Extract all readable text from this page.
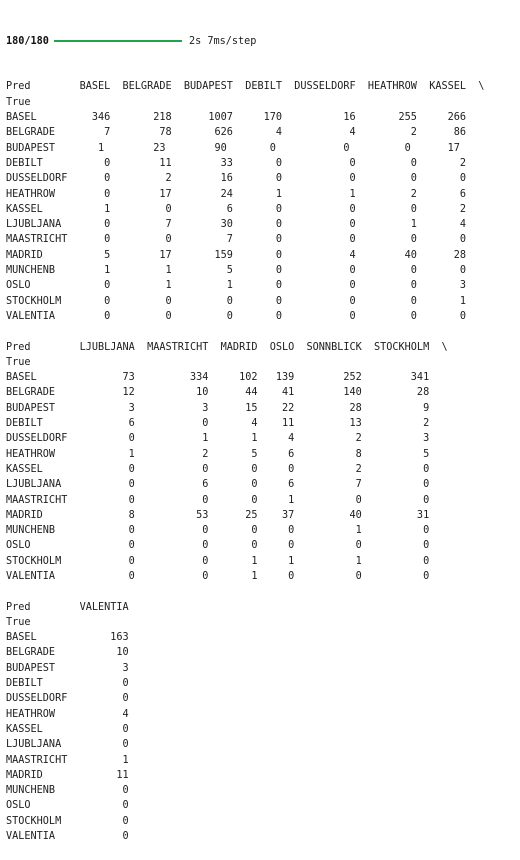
180/180	2s
7ms/step

Pred        BASEL  BELGRADE  BUDAPEST  DEBILT  DUSSELDORF  HEATHROW  KASSEL  \
True
BASEL         346       218      1007     170          16       255     266
BELGRADE        7        78       626       4           4         2      86
BUDAPEST       1        23        90       0           0         0      17
DEBILT          0        11        33       0           0         0       2
DUSSELDORF      0         2        16       0           0         0       0
HEATHROW        0        17        24       1           1         2       6
KASSEL          1         0         6       0           0         0       2
LJUBLJANA       0         7        30       0           0         1       4
MAASTRICHT      0         0         7       0           0         0       0
MADRID          5        17       159       0           4        40      28
MUNCHENB        1         1         5       0           0         0       0
OSLO            0         1         1       0           0         0       3
STOCKHOLM       0         0         0       0           0         0       1
VALENTIA        0         0         0       0           0         0       0
Pred        LJUBLJANA  MAASTRICHT  MADRID  OSLO  SONNBLICK  STOCKHOLM  \
True
BASEL              73         334     102   139        252        341
BELGRADE           12          10      44    41        140         28
BUDAPEST            3           3      15    22         28          9
DEBILT              6           0       4    11         13          2
DUSSELDORF          0           1       1     4          2          3
HEATHROW            1           2       5     6          8          5
KASSEL              0           0       0     0          2          0
LJUBLJANA           0           6       0     6          7          0
MAASTRICHT          0           0       0     1          0          0
MADRID              8          53      25    37         40         31
MUNCHENB            0           0       0     0          1          0
OSLO                0           0       0     0          0          0
STOCKHOLM           0           0       1     1          1          0
VALENTIA            0           0       1     0          0          0
Pred        VALENTIA
True
BASEL            163
BELGRADE          10
BUDAPEST           3
DEBILT             0
DUSSELDORF         0
HEATHROW           4
KASSEL             0
LJUBLJANA          0
MAASTRICHT         1
MADRID            11
MUNCHENB           0
OSLO               0
STOCKHOLM          0
VALENTIA           0
